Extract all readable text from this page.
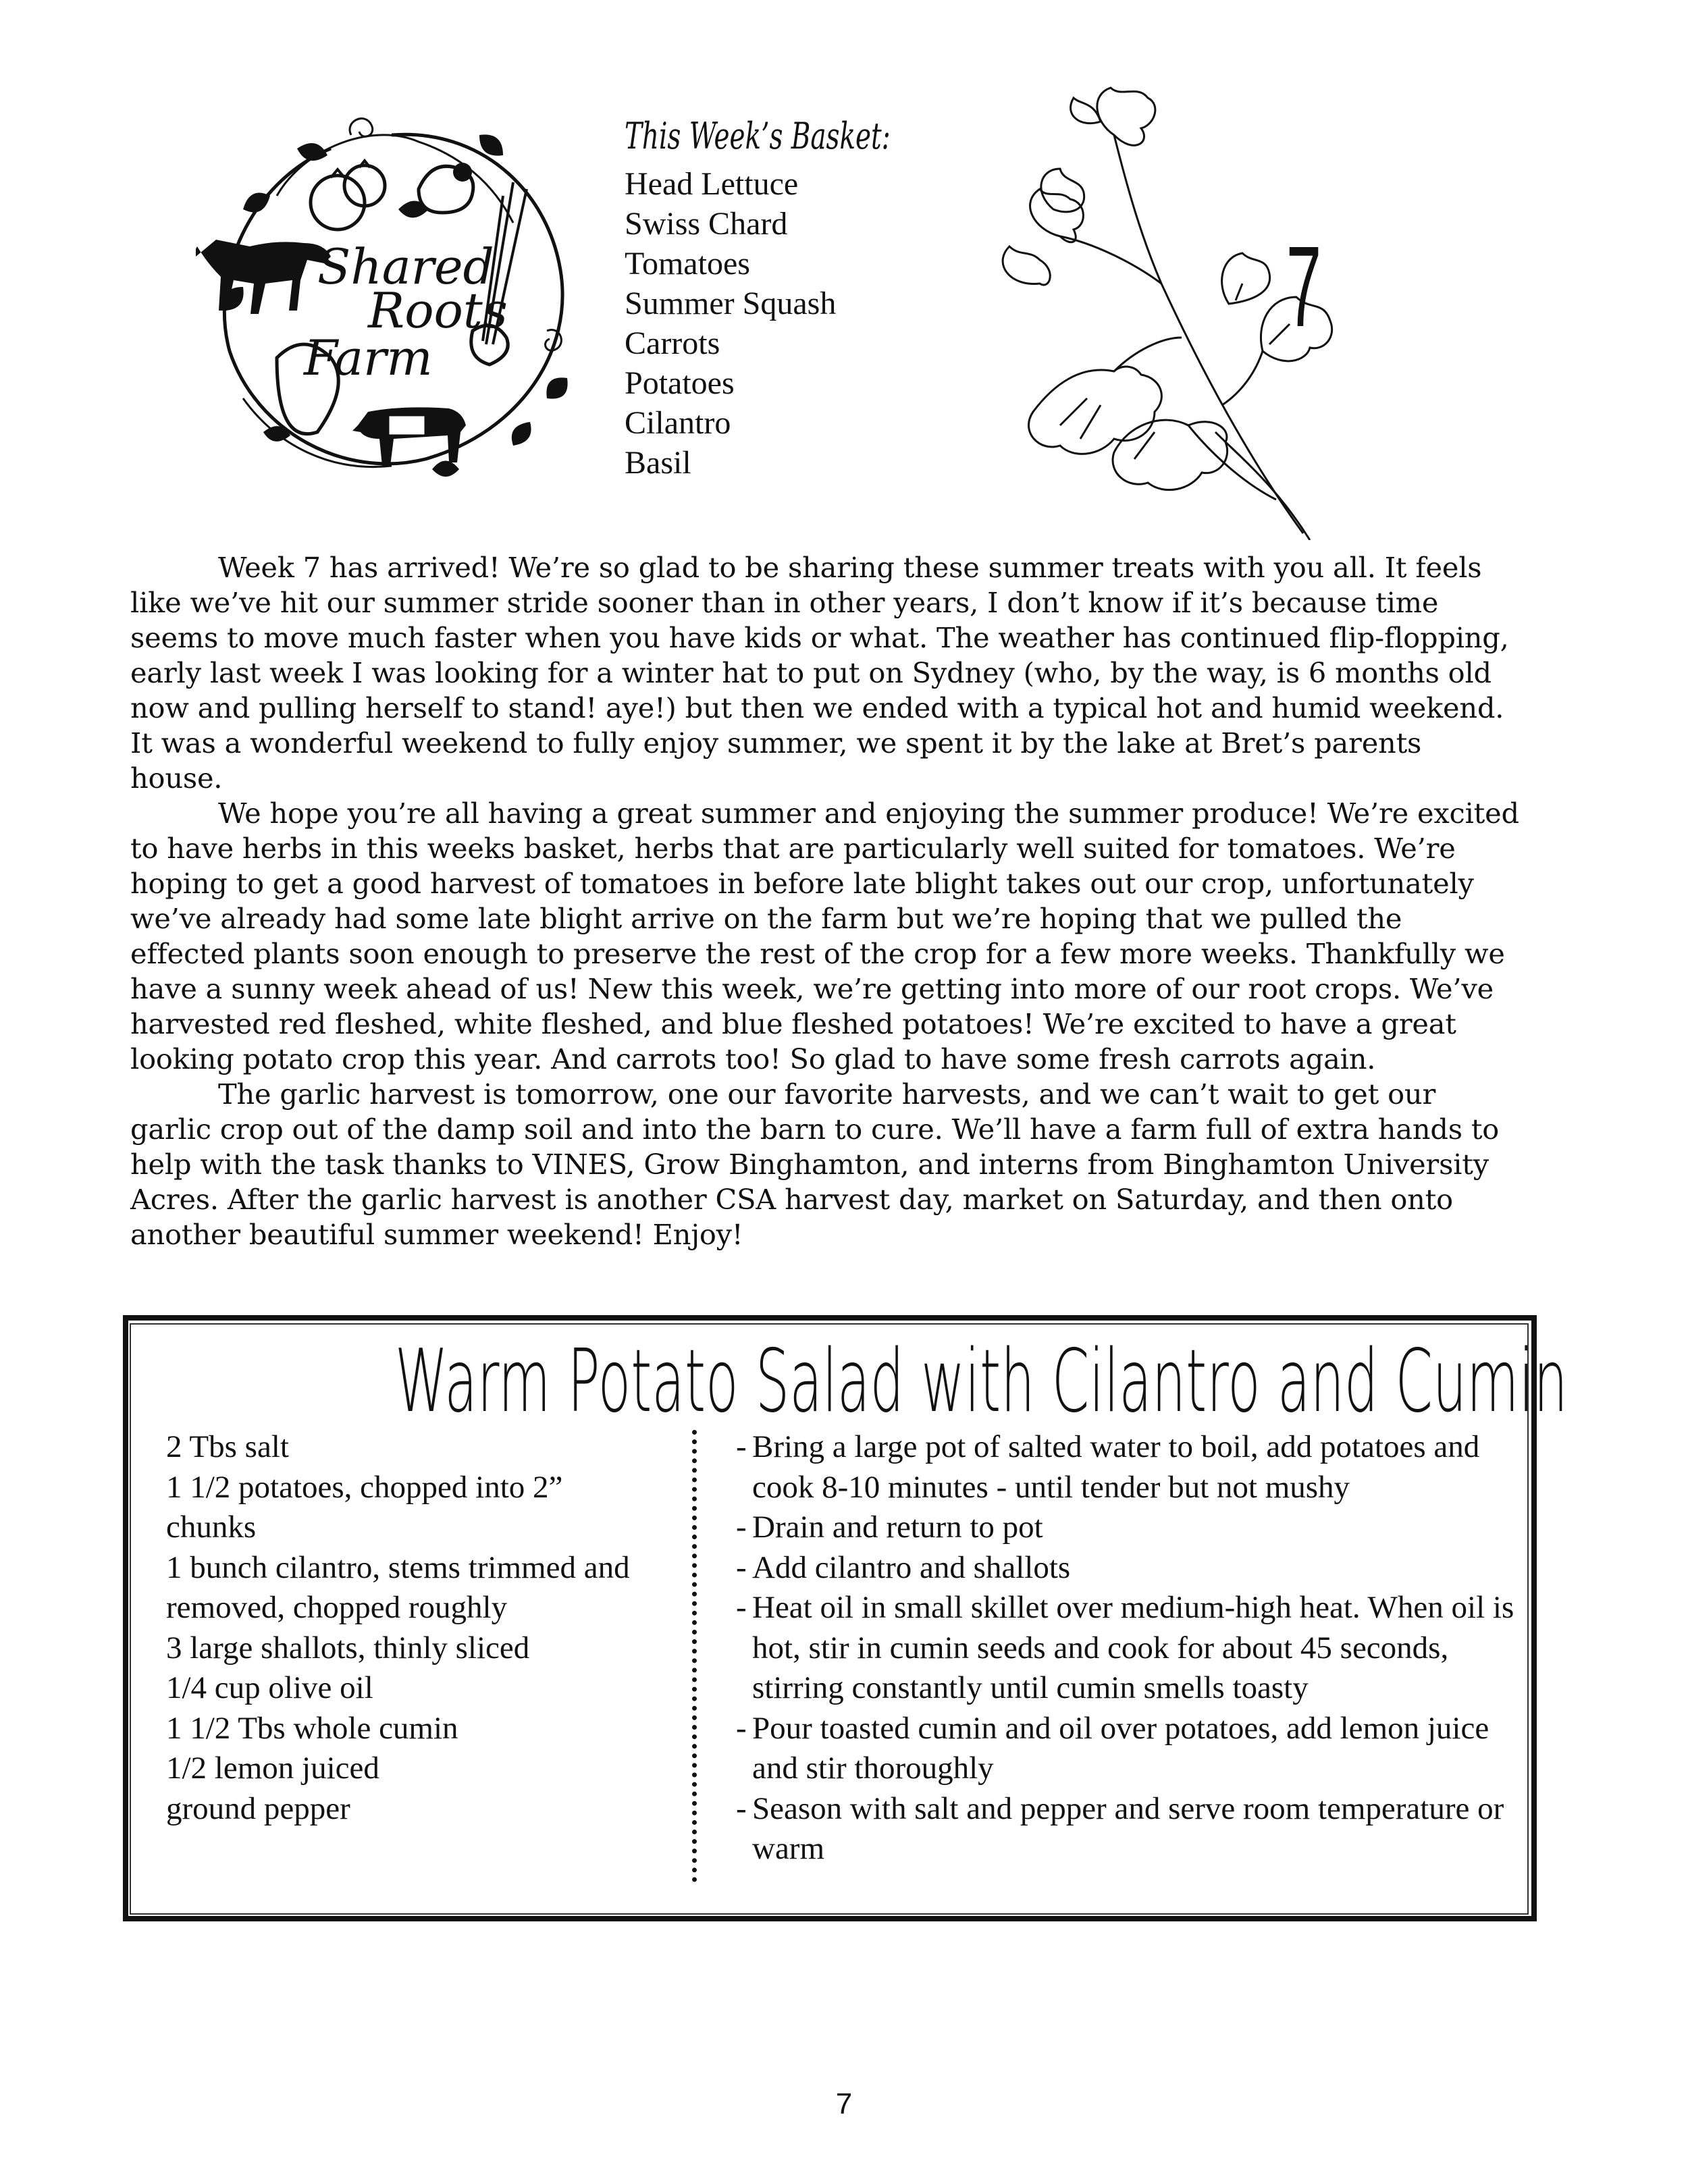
Shared
Roots
Farm
This Week’s Basket:
Head Lettuce
Swiss Chard
Tomatoes
Summer Squash
Carrots
Potatoes
Cilantro
Basil
7

Week 7 has arrived! We’re so glad to be sharing these summer treats with you all. It feels like we’ve hit our summer stride sooner than in other years, I don’t know if it’s because time seems to move much faster when you have kids or what. The weather has continued flip-flopping, early last week I was looking for a winter hat to put on Sydney (who, by the way, is 6 months old now and pulling herself to stand! aye!) but then we ended with a typical hot and humid weekend. It was a wonderful weekend to fully enjoy summer, we spent it by the lake at Bret’s parents house.

We hope you’re all having a great summer and enjoying the summer produce! We’re excited to have herbs in this weeks basket, herbs that are particularly well suited for tomatoes. We’re hoping to get a good harvest of tomatoes in before late blight takes out our crop, unfortunately we’ve already had some late blight arrive on the farm but we’re hoping that we pulled the effected plants soon enough to preserve the rest of the crop for a few more weeks. Thankfully we have a sunny week ahead of us! New this week, we’re getting into more of our root crops. We’ve harvested red fleshed, white fleshed, and blue fleshed potatoes! We’re excited to have a great looking potato crop this year. And carrots too! So glad to have some fresh carrots again.

The garlic harvest is tomorrow, one our favorite harvests, and we can’t wait to get our garlic crop out of the damp soil and into the barn to cure. We’ll have a farm full of extra hands to help with the task thanks to VINES, Grow Binghamton, and interns from Binghamton University Acres. After the garlic harvest is another CSA harvest day, market on Saturday, and then onto another beautiful summer weekend! Enjoy!

Warm Potato Salad with Cilantro and Cumin
2 Tbs salt
1 1/2 potatoes, chopped into 2” chunks
1 bunch cilantro, stems trimmed and removed, chopped roughly
3 large shallots, thinly sliced
1/4 cup olive oil
1 1/2 Tbs whole cumin
1/2 lemon juiced
ground pepper
- Bring a large pot of salted water to boil, add potatoes and cook 8-10 minutes - until tender but not mushy
- Drain and return to pot
- Add cilantro and shallots
- Heat oil in small skillet over medium-high heat. When oil is hot, stir in cumin seeds and cook for about 45 seconds, stirring constantly until cumin smells toasty
- Pour toasted cumin and oil over potatoes, add lemon juice and stir thoroughly
- Season with salt and pepper and serve room temperature or warm
7
